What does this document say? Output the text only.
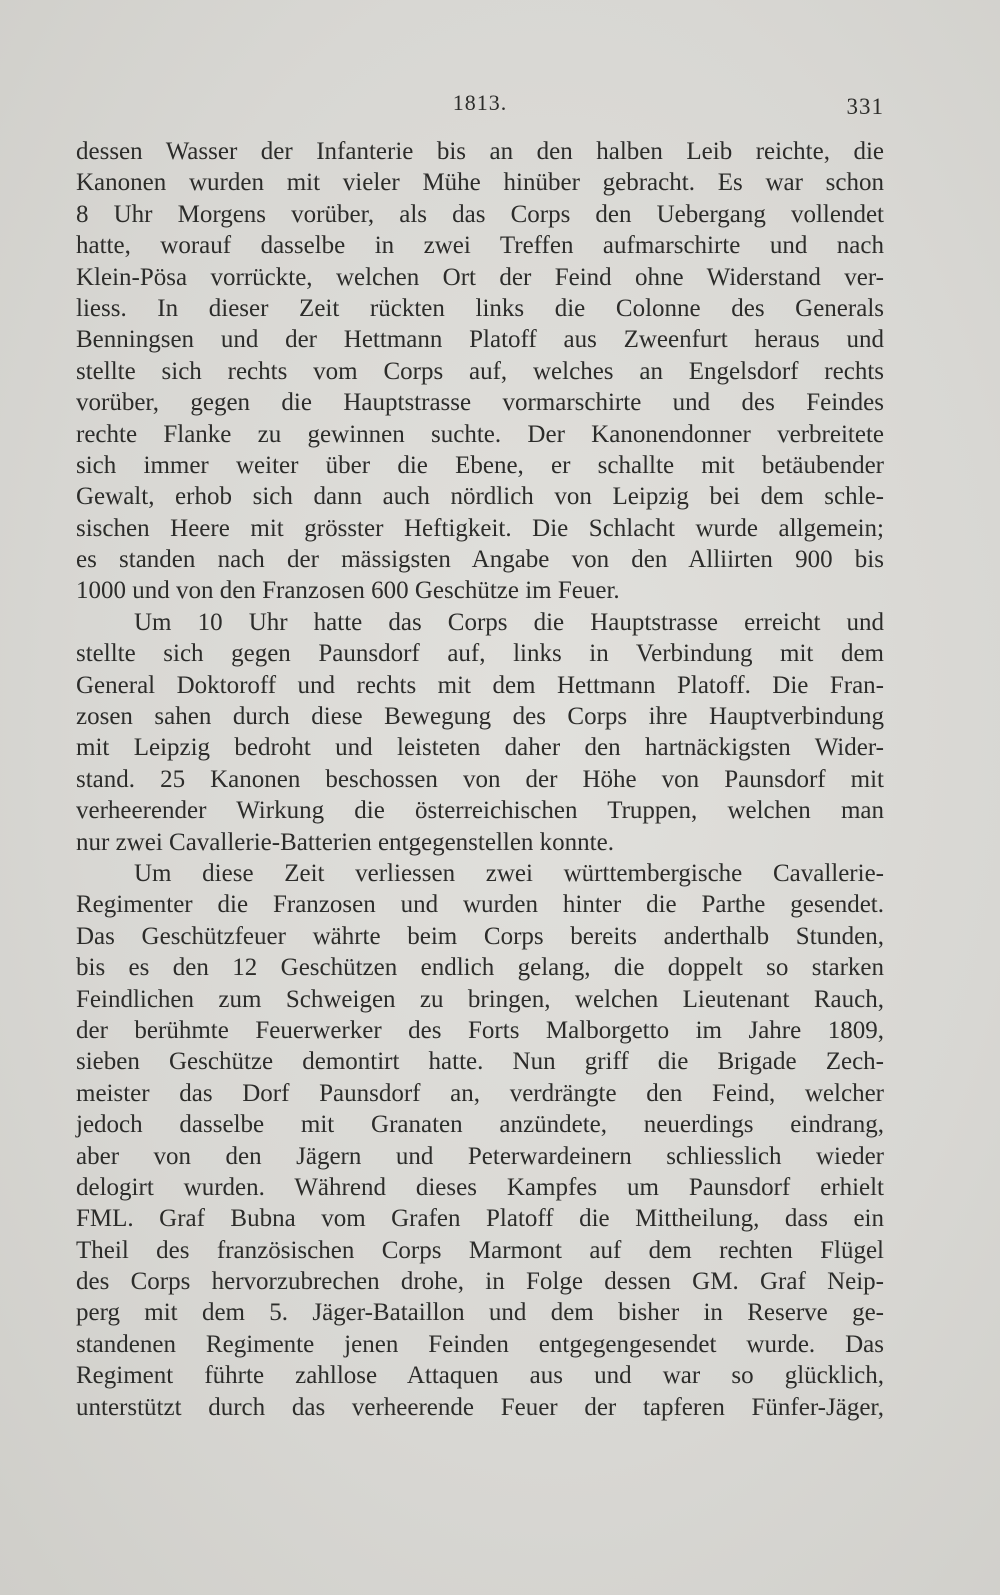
1813.	331
dessen Wasser der Infanterie bis an den halben Leib reichte, die
Kanonen wurden mit vieler Mühe hinüber gebracht. Es war schon
8 Uhr Morgens vorüber, als das Corps den Uebergang vollendet
hatte, worauf dasselbe in zwei Treffen aufmarschirte und nach
Klein-Pösa vorrückte, welchen Ort der Feind ohne Widerstand ver-
liess. In dieser Zeit rückten links die Colonne des Generals
Benningsen und der Hettmann Platoff aus Zweenfurt heraus und
stellte sich rechts vom Corps auf, welches an Engelsdorf rechts
vorüber, gegen die Hauptstrasse vormarschirte und des Feindes
rechte Flanke zu gewinnen suchte. Der Kanonendonner verbreitete
sich immer weiter über die Ebene, er schallte mit betäubender
Gewalt, erhob sich dann auch nördlich von Leipzig bei dem schle-
sischen Heere mit grösster Heftigkeit. Die Schlacht wurde allgemein;
es standen nach der mässigsten Angabe von den Alliirten 900 bis
1000 und von den Franzosen 600 Geschütze im Feuer.
Um 10 Uhr hatte das Corps die Hauptstrasse erreicht und
stellte sich gegen Paunsdorf auf, links in Verbindung mit dem
General Doktoroff und rechts mit dem Hettmann Platoff. Die Fran-
zosen sahen durch diese Bewegung des Corps ihre Hauptverbindung
mit Leipzig bedroht und leisteten daher den hartnäckigsten Wider-
stand. 25 Kanonen beschossen von der Höhe von Paunsdorf mit
verheerender Wirkung die österreichischen Truppen, welchen man
nur zwei Cavallerie-Batterien entgegenstellen konnte.
Um diese Zeit verliessen zwei württembergische Cavallerie-
Regimenter die Franzosen und wurden hinter die Parthe gesendet.
Das Geschützfeuer währte beim Corps bereits anderthalb Stunden,
bis es den 12 Geschützen endlich gelang, die doppelt so starken
Feindlichen zum Schweigen zu bringen, welchen Lieutenant Rauch,
der berühmte Feuerwerker des Forts Malborgetto im Jahre 1809,
sieben Geschütze demontirt hatte. Nun griff die Brigade Zech-
meister das Dorf Paunsdorf an, verdrängte den Feind, welcher
jedoch dasselbe mit Granaten anzündete, neuerdings eindrang,
aber von den Jägern und Peterwardeinern schliesslich wieder
delogirt wurden. Während dieses Kampfes um Paunsdorf erhielt
FML. Graf Bubna vom Grafen Platoff die Mittheilung, dass ein
Theil des französischen Corps Marmont auf dem rechten Flügel
des Corps hervorzubrechen drohe, in Folge dessen GM. Graf Neip-
perg mit dem 5. Jäger-Bataillon und dem bisher in Reserve ge-
standenen Regimente jenen Feinden entgegengesendet wurde. Das
Regiment führte zahllose Attaquen aus und war so glücklich,
unterstützt durch das verheerende Feuer der tapferen Fünfer-Jäger,
